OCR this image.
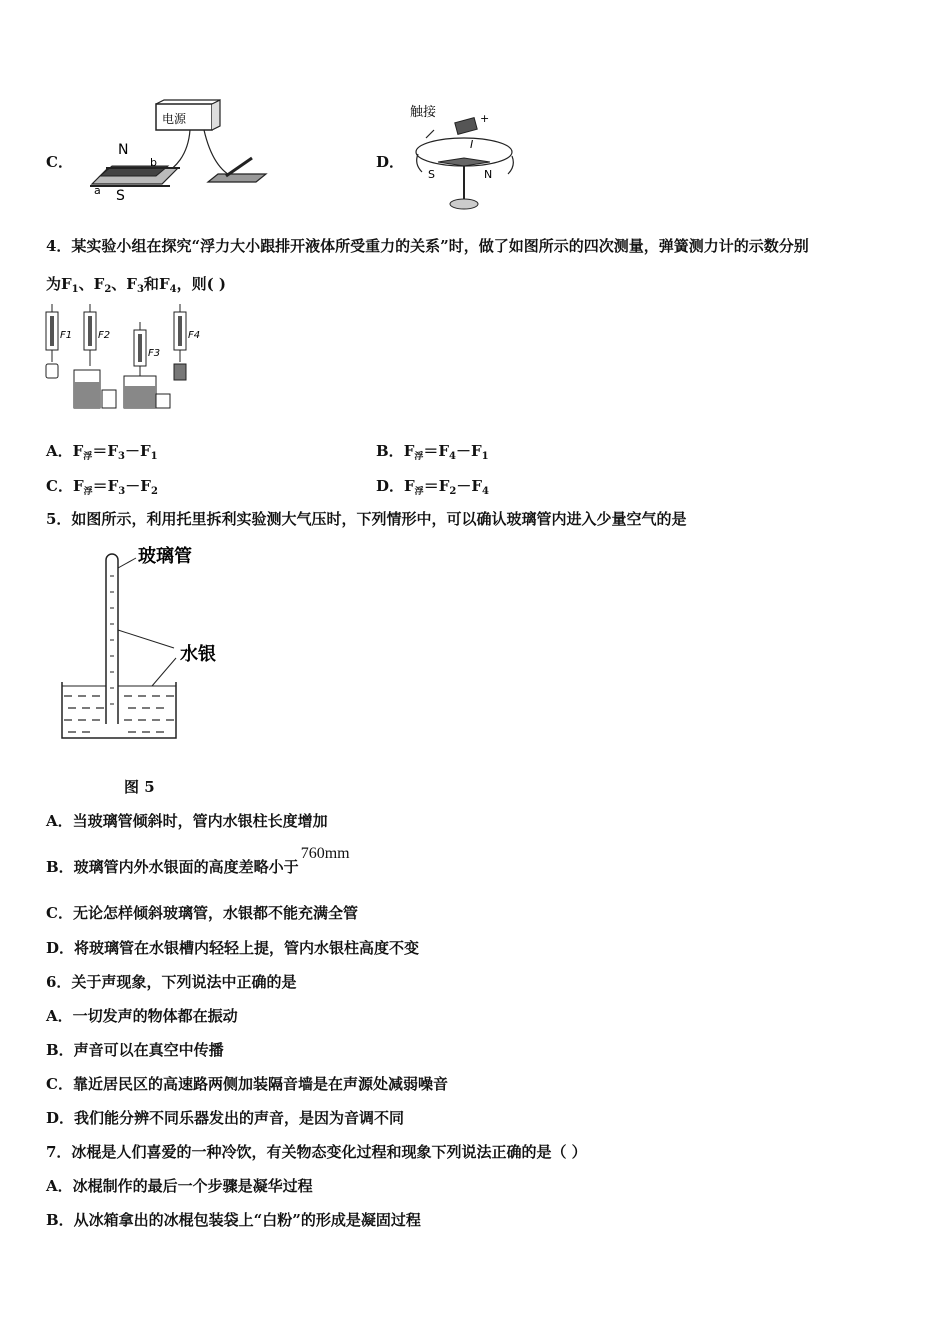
C．
电源
N
S
a
b	D．
触接	+
I
S	N
4．某实验小组在探究“浮力大小跟排开液体所受重力的关系”时，做了如图所示的四次测量，弹簧测力计的示数分别
为$F_1$、$F_2$、$F_3$和$F_4$，则( )
F1	F2
F3
F4
A．$F_浮=F_3-F_1$	B．$F_浮=F_4-F_1$
C．$F_浮=F_3-F_2$	D．$F_浮=F_2-F_4$
5．如图所示，利用托里拆利实验测大气压时，下列情形中，可以确认玻璃管内进入少量空气的是
玻璃管
水银
图 5
A．当玻璃管倾斜时，管内水银柱长度增加
B．玻璃管内外水银面的高度差略小于760mm
C．无论怎样倾斜玻璃管，水银都不能充满全管
D．将玻璃管在水银槽内轻轻上提，管内水银柱高度不变
6．关于声现象，下列说法中正确的是
A．一切发声的物体都在振动
B．声音可以在真空中传播
C．靠近居民区的高速路两侧加装隔音墙是在声源处减弱噪音
D．我们能分辨不同乐器发出的声音，是因为音调不同
7．冰棍是人们喜爱的一种冷饮，有关物态变化过程和现象下列说法正确的是（ ）
A．冰棍制作的最后一个步骤是凝华过程
B．从冰箱拿出的冰棍包装袋上“白粉”的形成是凝固过程
